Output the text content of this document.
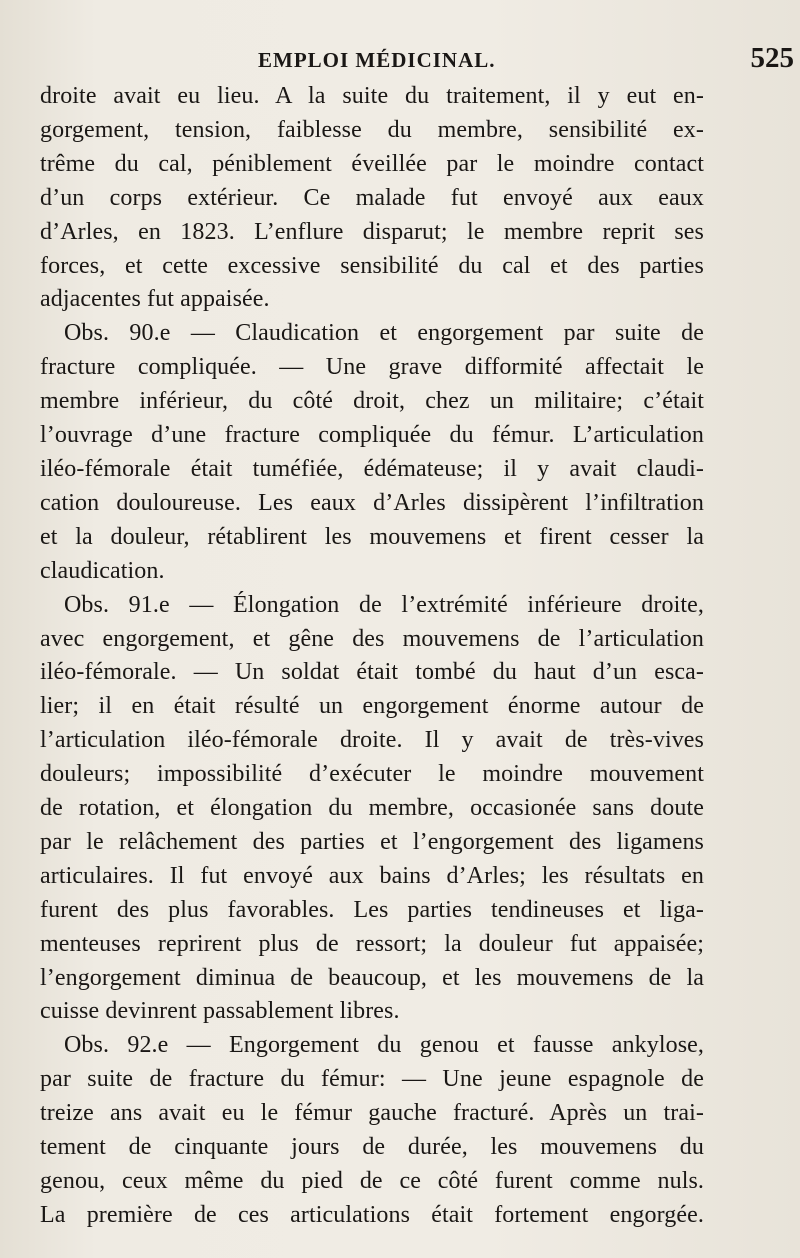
EMPLOI MÉDICINAL.	525
droite avait eu lieu. A la suite du traitement, il y eut en-
gorgement, tension, faiblesse du membre, sensibilité ex-
trême du cal, péniblement éveillée par le moindre contact
d’un corps extérieur. Ce malade fut envoyé aux eaux
d’Arles, en 1823. L’enflure disparut; le membre reprit ses
forces, et cette excessive sensibilité du cal et des parties
adjacentes fut appaisée.
Obs. 90.e — Claudication et engorgement par suite de
fracture compliquée. — Une grave difformité affectait le
membre inférieur, du côté droit, chez un militaire; c’était
l’ouvrage d’une fracture compliquée du fémur. L’articulation
iléo-fémorale était tuméfiée, édémateuse; il y avait claudi-
cation douloureuse. Les eaux d’Arles dissipèrent l’infiltration
et la douleur, rétablirent les mouvemens et firent cesser la
claudication.
Obs. 91.e — Élongation de l’extrémité inférieure droite,
avec engorgement, et gêne des mouvemens de l’articulation
iléo-fémorale. — Un soldat était tombé du haut d’un esca-
lier; il en était résulté un engorgement énorme autour de
l’articulation iléo-fémorale droite. Il y avait de très-vives
douleurs; impossibilité d’exécuter le moindre mouvement
de rotation, et élongation du membre, occasionée sans doute
par le relâchement des parties et l’engorgement des ligamens
articulaires. Il fut envoyé aux bains d’Arles; les résultats en
furent des plus favorables. Les parties tendineuses et liga-
menteuses reprirent plus de ressort; la douleur fut appaisée;
l’engorgement diminua de beaucoup, et les mouvemens de la
cuisse devinrent passablement libres.
Obs. 92.e — Engorgement du genou et fausse ankylose,
par suite de fracture du fémur: — Une jeune espagnole de
treize ans avait eu le fémur gauche fracturé. Après un trai-
tement de cinquante jours de durée, les mouvemens du
genou, ceux même du pied de ce côté furent comme nuls.
La première de ces articulations était fortement engorgée.
